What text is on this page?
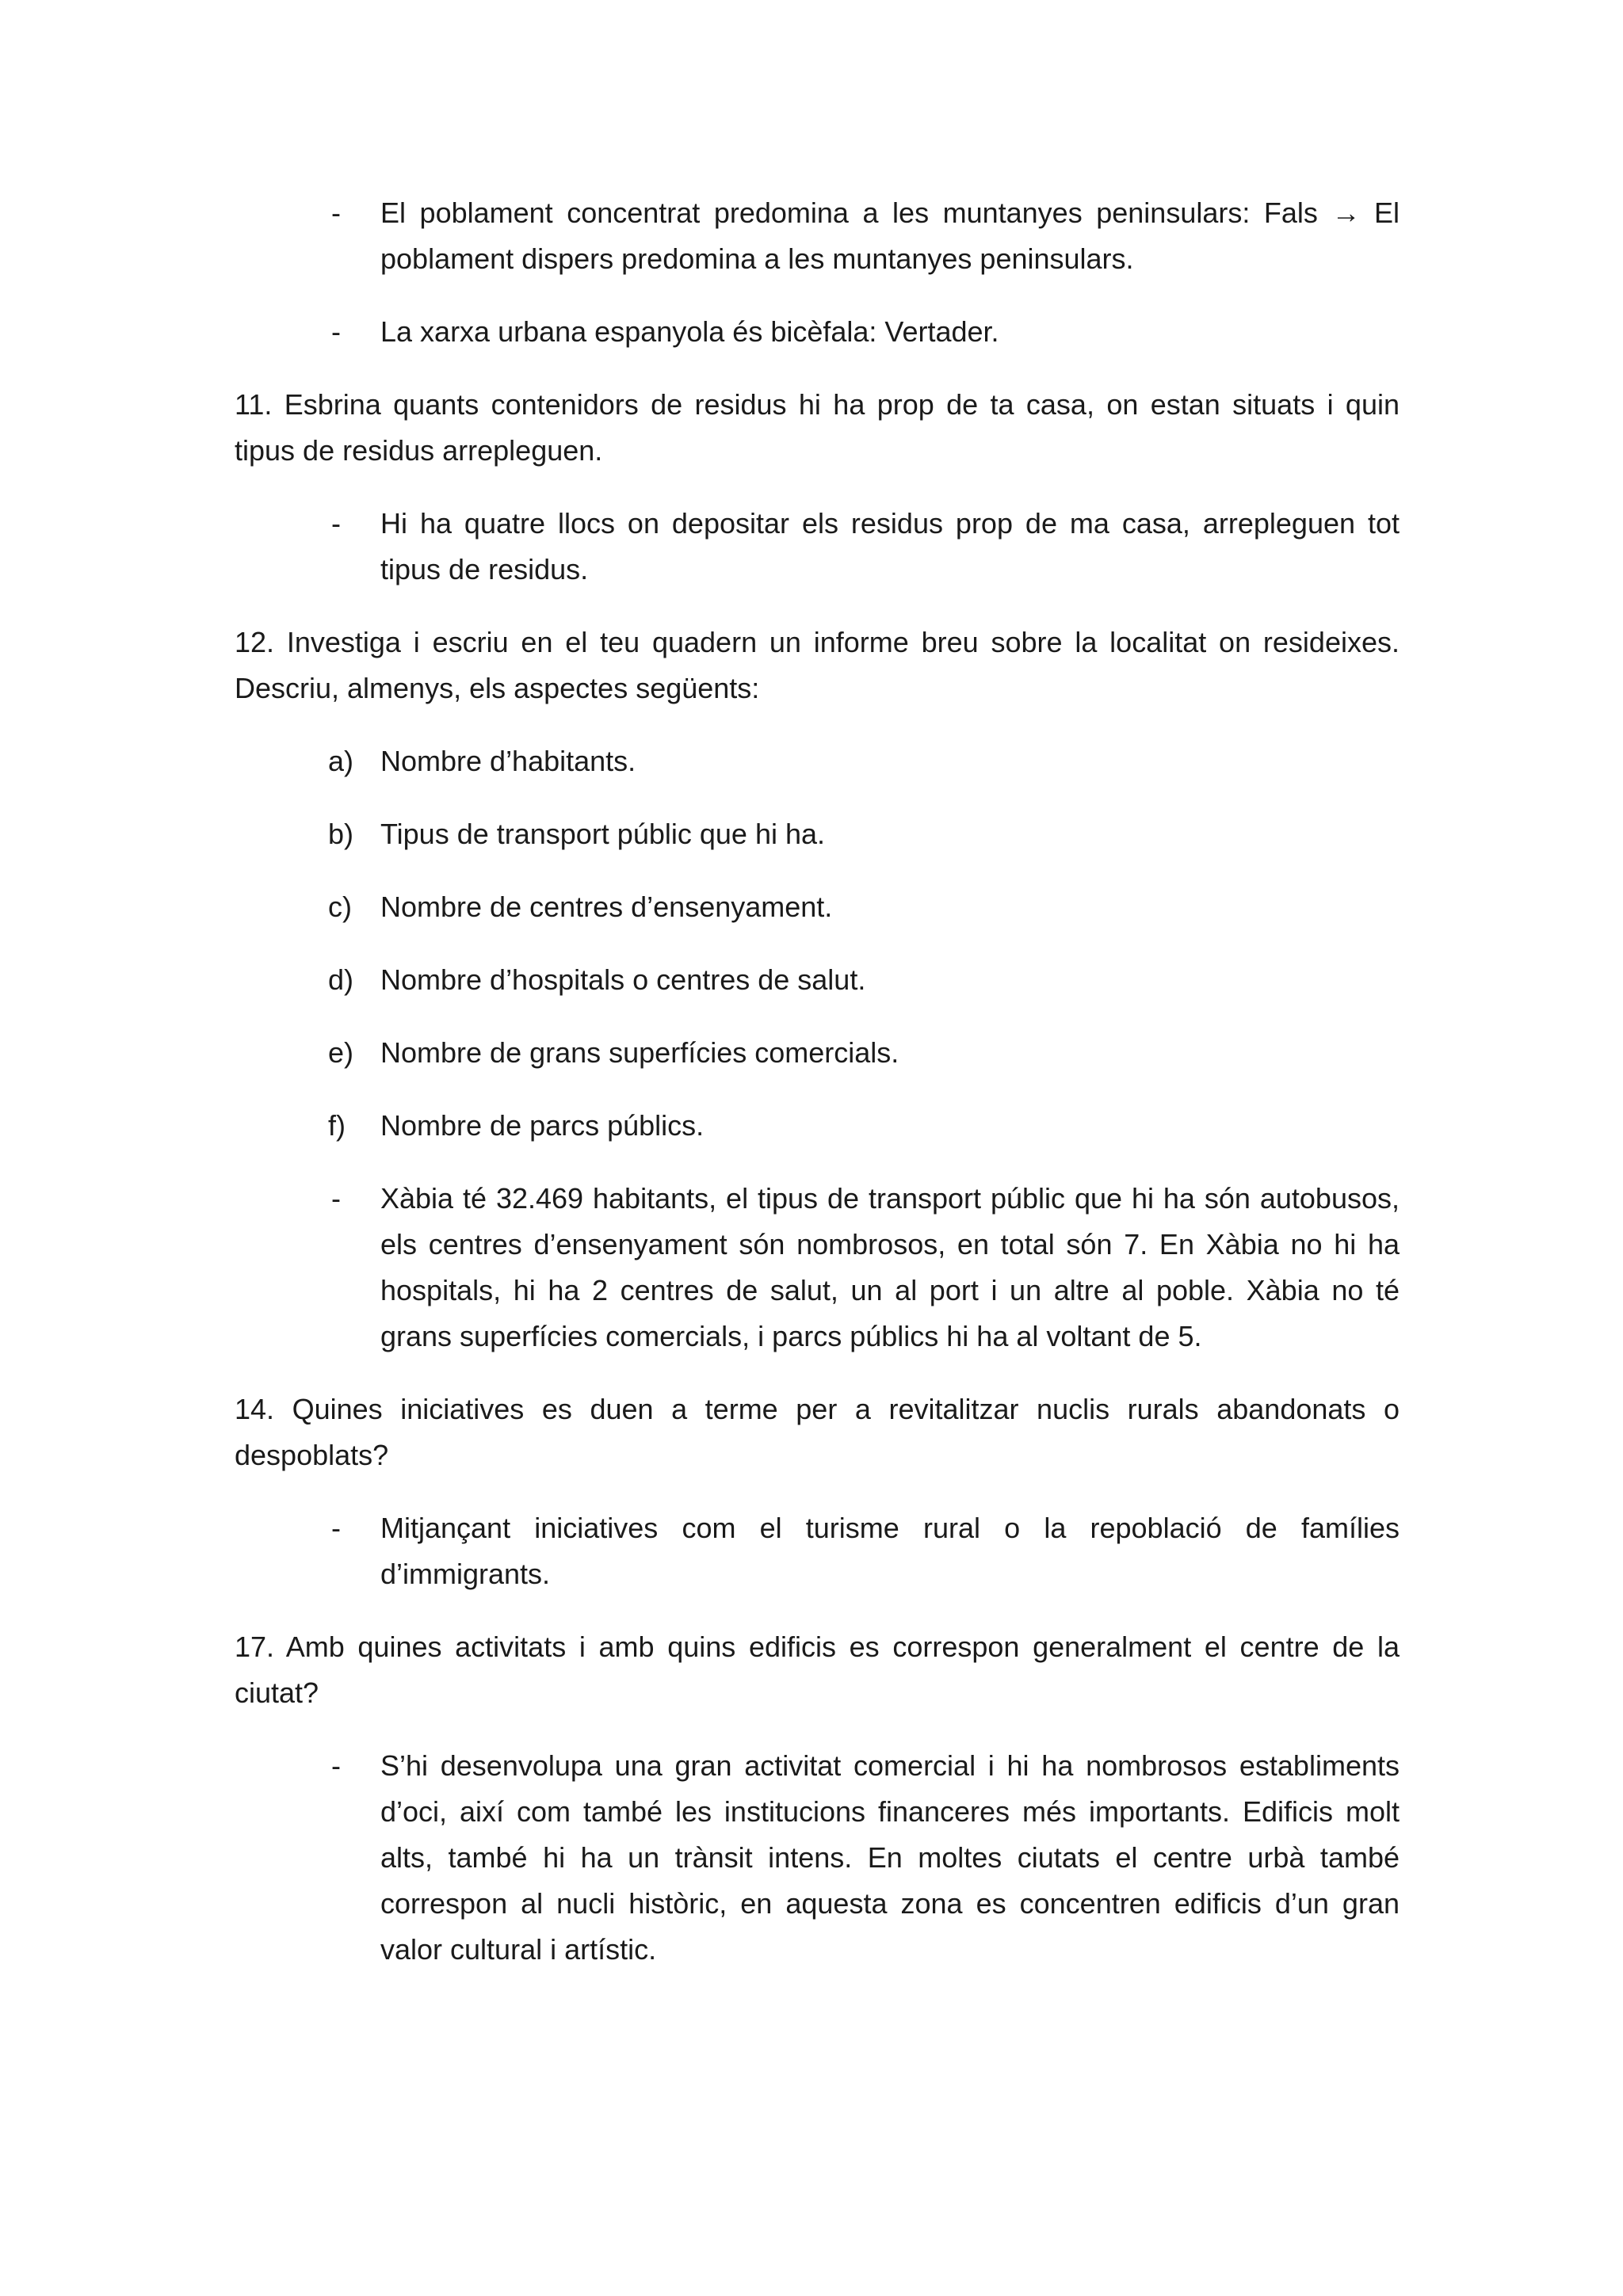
-	El poblament concentrat predomina a les muntanyes peninsulars: Fals → El poblament dispers predomina a les muntanyes peninsulars.
-	La xarxa urbana espanyola és bicèfala: Vertader.

11. Esbrina quants contenidors de residus hi ha prop de ta casa, on estan situats i quin tipus de residus arrepleguen.

-	Hi ha quatre llocs on depositar els residus prop de ma casa, arrepleguen tot tipus de residus.

12. Investiga i escriu en el teu quadern un informe breu sobre la localitat on resideixes. Descriu, almenys, els aspectes següents:

a) Nombre d’habitants.
b) Tipus de transport públic que hi ha.
c)	Nombre de centres d’ensenyament.
d) Nombre d’hospitals o centres de salut.
e) Nombre de grans superfícies comercials.
f)	Nombre de parcs públics.
-	Xàbia té 32.469 habitants, el tipus de transport públic que hi ha són autobusos, els centres d’ensenyament són nombrosos, en total són 7. En Xàbia no hi ha hospitals, hi ha 2 centres de salut, un al port i un altre al poble. Xàbia no té grans superfícies comercials, i parcs públics hi ha al voltant de 5.

14. Quines iniciatives es duen a terme per a revitalitzar nuclis rurals abandonats o despoblats?

-	Mitjançant iniciatives com el turisme rural o la repoblació de famílies d’immigrants.

17. Amb quines activitats i amb quins edificis es correspon generalment el centre de la ciutat?

-	S’hi desenvolupa una gran activitat comercial i hi ha nombrosos establiments d’oci, així com també les institucions financeres més importants. Edificis molt alts, també hi ha un trànsit intens. En moltes ciutats el centre urbà també correspon al nucli històric, en aquesta zona es concentren edificis d’un gran valor cultural i artístic.
